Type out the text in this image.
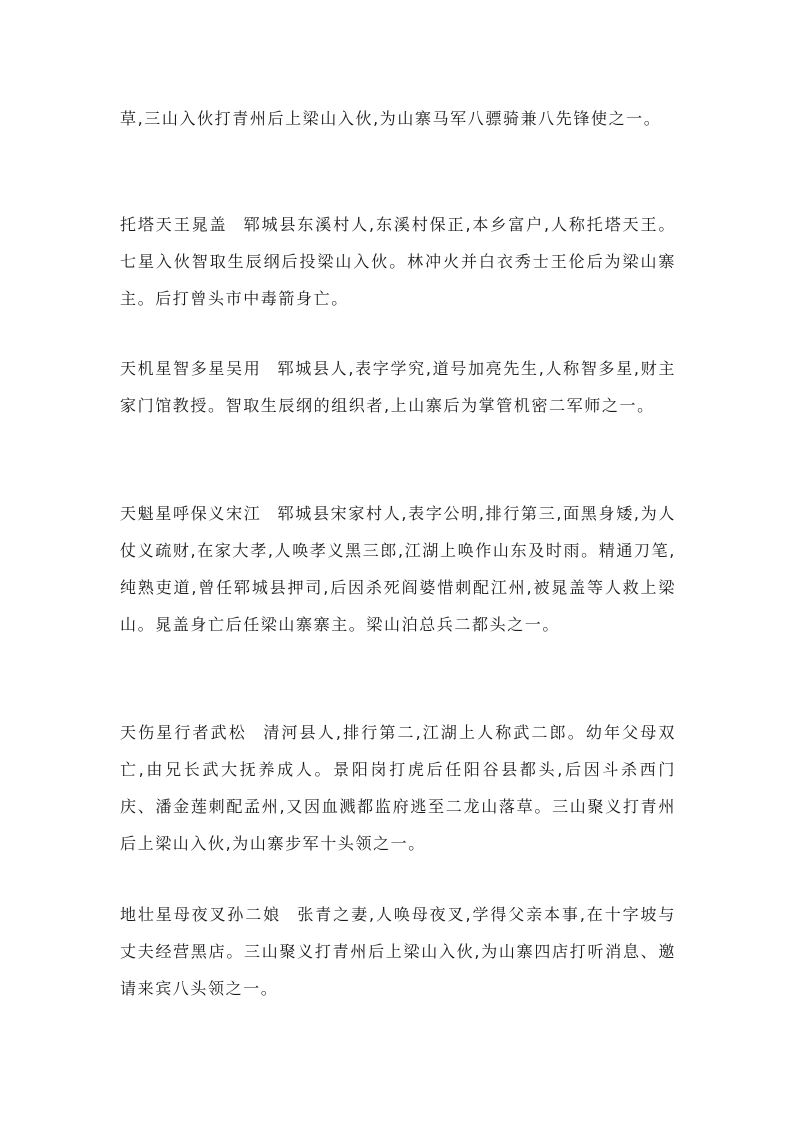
草,三山入伙打青州后上梁山入伙,为山寨马军八骠骑兼八先锋使之一。

托塔天王晁盖 郓城县东溪村人,东溪村保正,本乡富户,人称托塔天王。七星入伙智取生辰纲后投梁山入伙。林冲火并白衣秀士王伦后为梁山寨主。后打曾头市中毒箭身亡。

天机星智多星吴用 郓城县人,表字学究,道号加亮先生,人称智多星,财主家门馆教授。智取生辰纲的组织者,上山寨后为掌管机密二军师之一。

天魁星呼保义宋江 郓城县宋家村人,表字公明,排行第三,面黑身矮,为人仗义疏财,在家大孝,人唤孝义黑三郎,江湖上唤作山东及时雨。精通刀笔,纯熟吏道,曾任郓城县押司,后因杀死阎婆惜刺配江州,被晁盖等人救上梁山。晁盖身亡后任梁山寨寨主。梁山泊总兵二都头之一。

天伤星行者武松 清河县人,排行第二,江湖上人称武二郎。幼年父母双亡,由兄长武大抚养成人。景阳岗打虎后任阳谷县都头,后因斗杀西门庆、潘金莲刺配孟州,又因血溅都监府逃至二龙山落草。三山聚义打青州后上梁山入伙,为山寨步军十头领之一。

地壮星母夜叉孙二娘 张青之妻,人唤母夜叉,学得父亲本事,在十字坡与丈夫经营黑店。三山聚义打青州后上梁山入伙,为山寨四店打听消息、邀请来宾八头领之一。
